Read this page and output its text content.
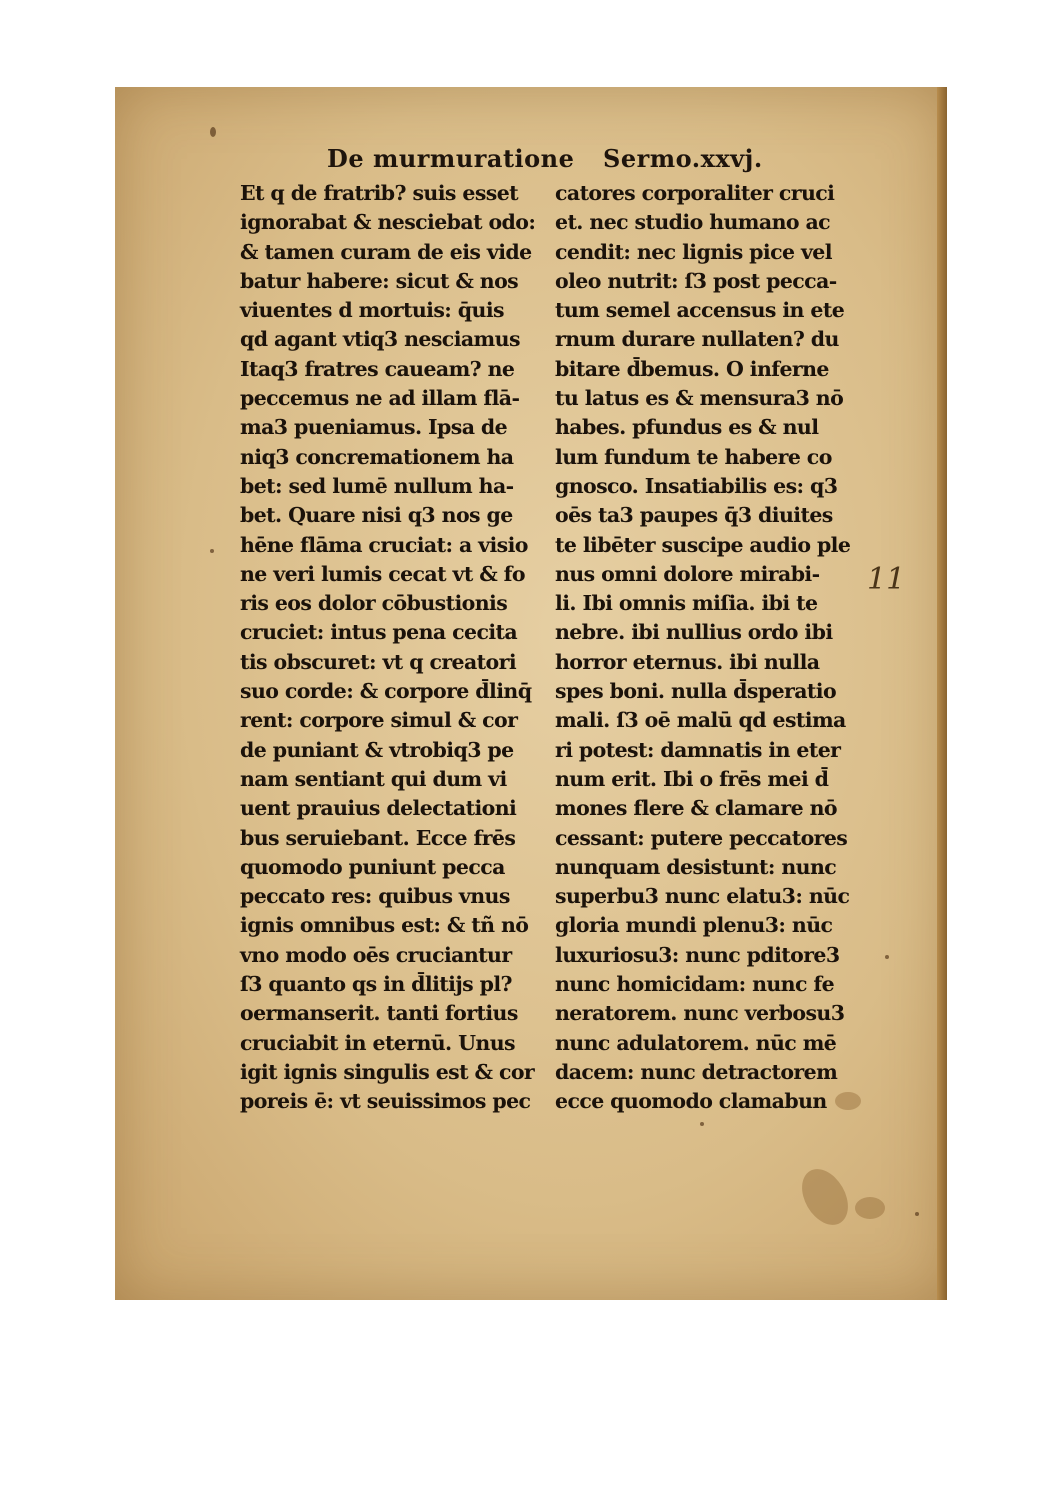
De murmuratione Sermo.xxvj.
Et q de fratrib? suis esset
ignorabat & nesciebat odo:
& tamen curam de eis vide
batur habere: sicut & nos
viuentes d mortuis: q̄uis
qd agant vtiq3 nesciamus
Itaq3 fratres caueam? ne
peccemus ne ad illam flā-
ma3 pueniamus. Ipsa de
niq3 concremationem ha
bet: sed lumē nullum ha-
bet. Quare nisi q3 nos ge
hēne flāma cruciat: a visio
ne veri lumis cecat vt & fo
ris eos dolor cōbustionis
cruciet: intus pena cecita
tis obscuret: vt q creatori
suo corde: & corpore d̄linq̄
rent: corpore simul & cor
de puniant & vtrobiq3 pe
nam sentiant qui dum vi
uent prauius delectationi
bus seruiebant. Ecce frēs
quomodo puniunt pecca
peccato res: quibus vnus
ignis omnibus est: & tñ nō
vno modo oēs cruciantur
ſ3 quanto qs in d̄litijs pl?
oermanserit. tanti fortius
cruciabit in eternū. Unus
igit ignis singulis est & cor
poreis ē: vt seuissimos pec
catores corporaliter cruci
et. nec studio humano ac
cendit: nec lignis pice vel
oleo nutrit: ſ3 post pecca-
tum semel accensus in ete
rnum durare nullaten? du
bitare d̄bemus. O inferne
tu latus es & mensura3 nō
habes. pfundus es & nul
lum fundum te habere co
gnosco. Insatiabilis es: q3
oēs ta3 paupes q̄3 diuites
te libēter suscipe audio ple
nus omni dolore mirabi-
li. Ibi omnis miſia. ibi te
nebre. ibi nullius ordo ibi
horror eternus. ibi nulla
spes boni. nulla d̄speratio
mali. ſ3 oē malū qd estima
ri potest: damnatis in eter
num erit. Ibi o frēs mei d̄
mones flere & clamare nō
cessant: putere peccatores
nunquam desistunt: nunc
superbu3 nunc elatu3: nūc
gloria mundi plenu3: nūc
luxuriosu3: nunc pditore3
nunc homicidam: nunc fe
neratorem. nunc verbosu3
nunc adulatorem. nūc mē
dacem: nunc detractorem
ecce quomodo clamabun
11
